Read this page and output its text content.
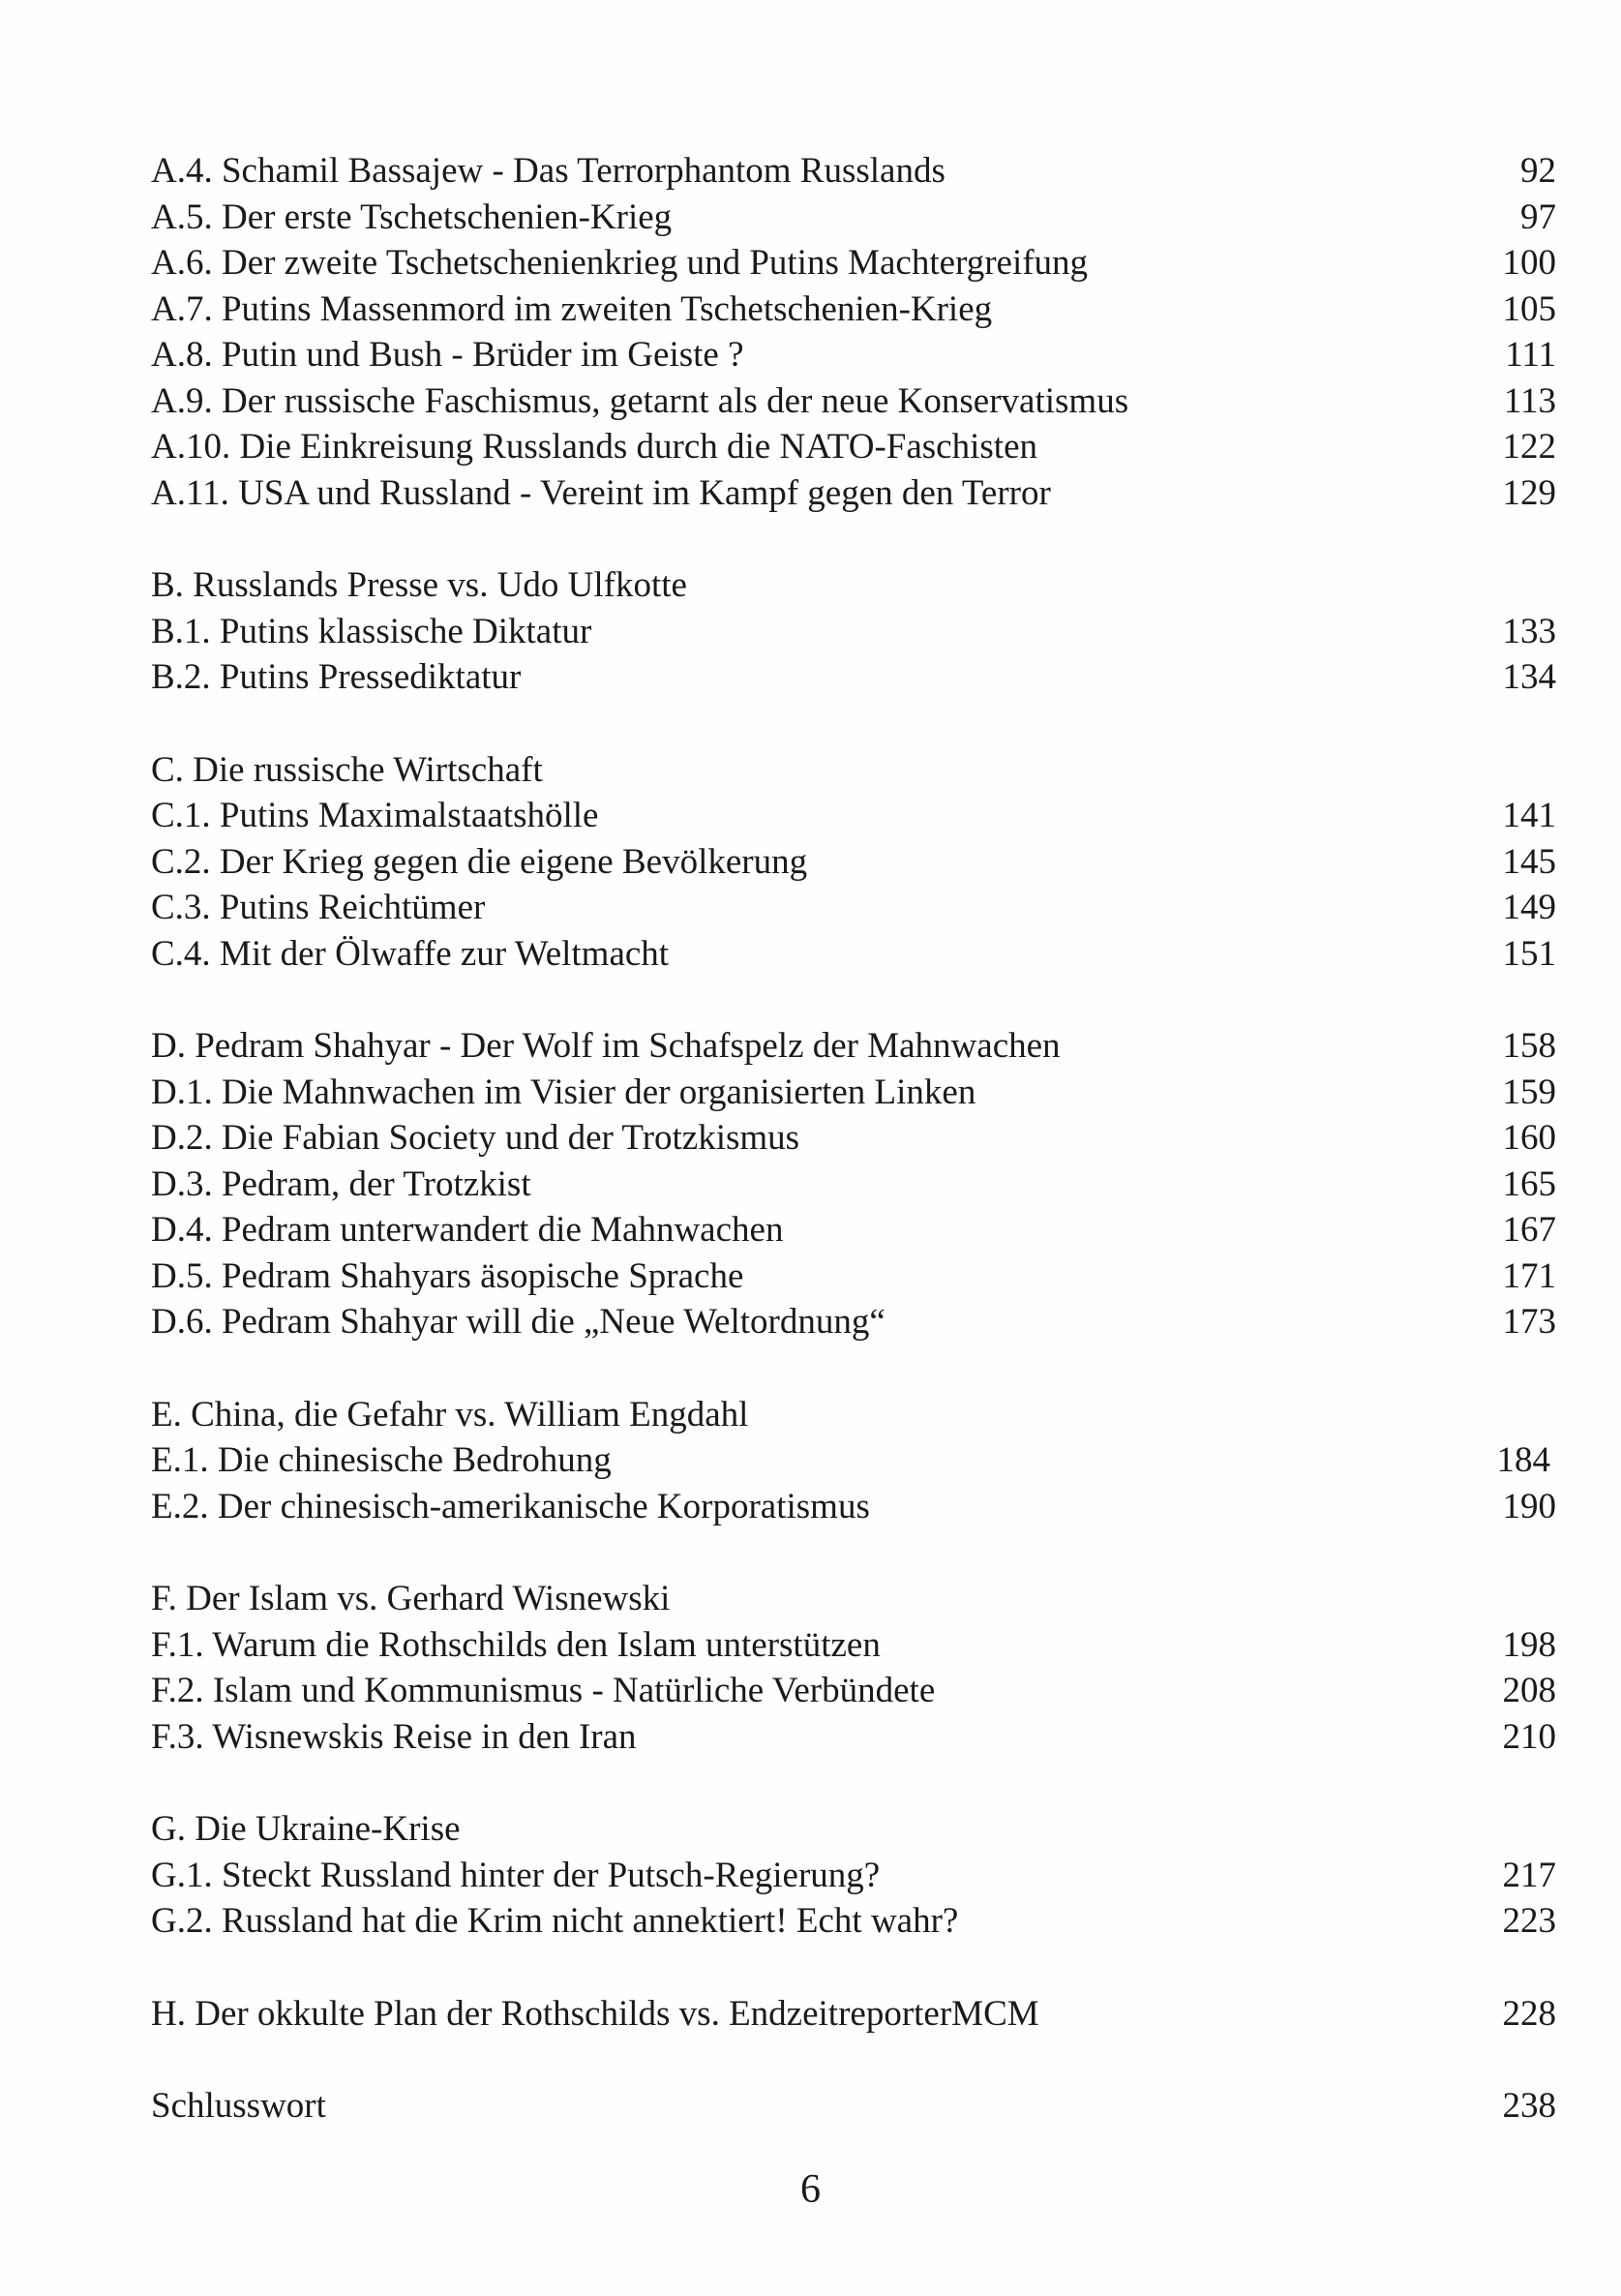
A.4. Schamil Bassajew - Das Terrorphantom Russlands	92
A.5. Der erste Tschetschenien-Krieg	97
A.6. Der zweite Tschetschenienkrieg und Putins Machtergreifung	100
A.7. Putins Massenmord im zweiten Tschetschenien-Krieg	105
A.8. Putin und Bush - Brüder im Geiste ?	111
A.9. Der russische Faschismus, getarnt als der neue Konservatismus	113
A.10. Die Einkreisung Russlands durch die NATO-Faschisten	122
A.11. USA und Russland - Vereint im Kampf gegen den Terror	129
B. Russlands Presse vs. Udo Ulfkotte
B.1. Putins klassische Diktatur	133
B.2. Putins Pressediktatur	134
C. Die russische Wirtschaft
C.1. Putins Maximalstaatshölle	141
C.2. Der Krieg gegen die eigene Bevölkerung	145
C.3. Putins Reichtümer	149
C.4. Mit der Ölwaffe zur Weltmacht	151
D. Pedram Shahyar - Der Wolf im Schafspelz der Mahnwachen	158
D.1. Die Mahnwachen im Visier der organisierten Linken	159
D.2. Die Fabian Society und der Trotzkismus	160
D.3. Pedram, der Trotzkist	165
D.4. Pedram unterwandert die Mahnwachen	167
D.5. Pedram Shahyars äsopische Sprache	171
D.6. Pedram Shahyar will die „Neue Weltordnung“	173
E. China, die Gefahr vs. William Engdahl
E.1. Die chinesische Bedrohung	184
E.2. Der chinesisch-amerikanische Korporatismus	190
F. Der Islam vs. Gerhard Wisnewski
F.1. Warum die Rothschilds den Islam unterstützen	198
F.2. Islam und Kommunismus - Natürliche Verbündete	208
F.3. Wisnewskis Reise in den Iran	210
G. Die Ukraine-Krise
G.1. Steckt Russland hinter der Putsch-Regierung?	217
G.2. Russland hat die Krim nicht annektiert! Echt wahr?	223
H. Der okkulte Plan der Rothschilds vs. EndzeitreporterMCM	228
Schlusswort	238
6
